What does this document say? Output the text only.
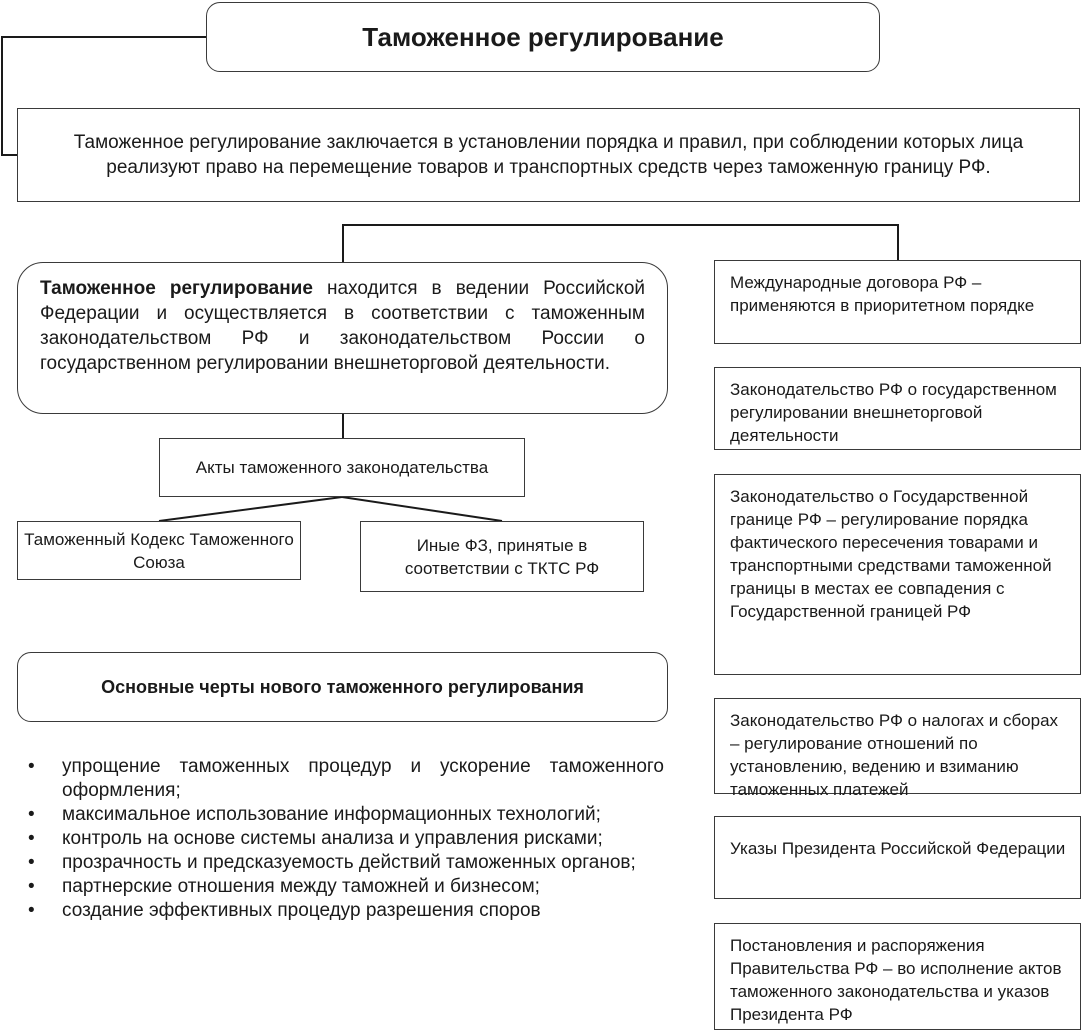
Таможенное регулирование
Таможенное регулирование заключается в установлении порядка и правил, при соблюдении которых лица реализуют право на перемещение товаров и транспортных средств через таможенную границу РФ.
Таможенное регулирование находится в ведении Российской Федерации и осуществляется в соответствии с таможенным законодательством РФ и законодательством России о государственном регулировании внешнеторговой деятельности.
Акты таможенного законодательства
Таможенный Кодекс Таможенного Союза
Иные ФЗ, принятые в соответствии с ТКТС РФ
Основные черты нового таможенного регулирования
•	упрощение таможенных процедур и ускорение таможенного оформления;
•	максимальное использование информационных технологий;
•	контроль на основе системы анализа и управления рисками;
•	прозрачность и предсказуемость действий таможенных органов;
•	партнерские отношения между таможней и бизнесом;
•	создание эффективных процедур разрешения споров
Международные договора РФ – применяются в приоритетном порядке
Законодательство РФ о государственном регулировании внешнеторговой деятельности
Законодательство о Государственной границе РФ – регулирование порядка фактического пересечения товарами и транспортными средствами таможенной границы в местах ее совпадения с Государственной границей РФ
Законодательство РФ о налогах и сборах – регулирование отношений по установлению, ведению и взиманию таможенных платежей
Указы Президента Российской Федерации
Постановления и распоряжения Правительства РФ – во исполнение актов таможенного законодательства и указов Президента РФ
